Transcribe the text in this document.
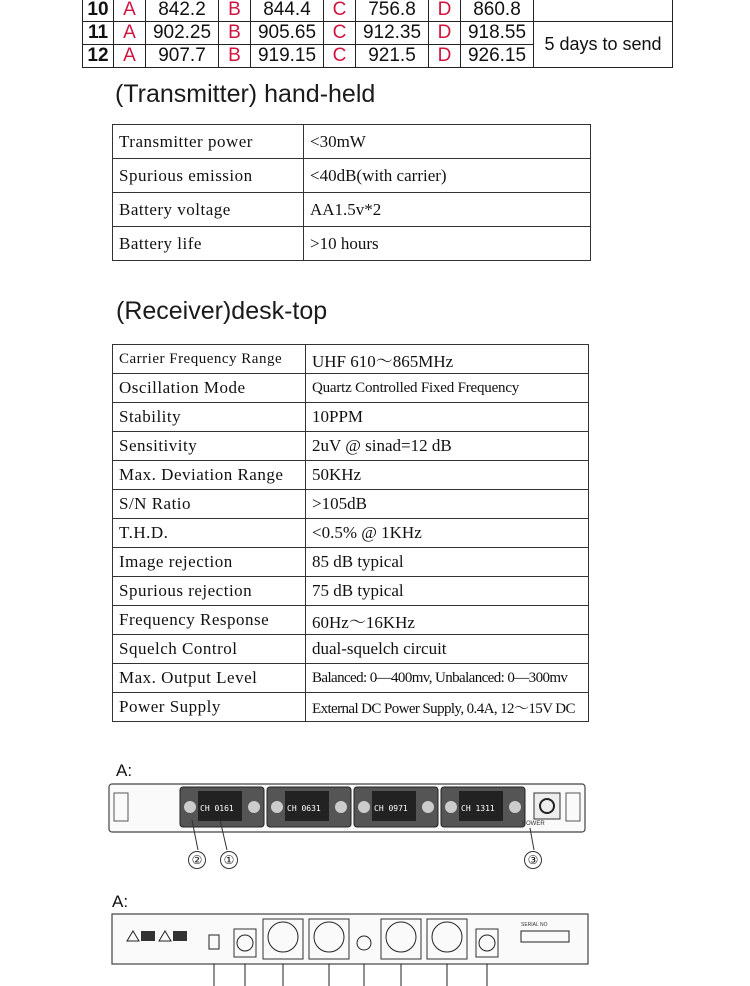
10	A	842.2	B	844.4	C	756.8	D	860.8	
11	A	902.25	B	905.65	C	912.35	D	918.55	5 days to send
12	A	907.7	B	919.15	C	921.5	D	926.15	
(Transmitter) hand-held
Transmitter power	<30mW
Spurious emission	<40dB(with carrier)
Battery voltage	AA1.5v*2
Battery life	>10 hours
(Receiver)desk-top
Carrier Frequency Range	UHF 610～865MHz
Oscillation Mode	Quartz Controlled Fixed Frequency
Stability	10PPM
Sensitivity	2uV @ sinad=12 dB
Max. Deviation Range	50KHz
S/N Ratio	>105dB
T.H.D.	<0.5% @ 1KHz
Image rejection	85 dB typical
Spurious rejection	75 dB typical
Frequency Response	60Hz～16KHz
Squelch Control	dual-squelch circuit
Max. Output Level	Balanced: 0—400mv, Unbalanced: 0—300mv
Power Supply	External DC Power Supply, 0.4A, 12～15V DC
A:
CH 0161	CH 0631	CH 0971	CH 1311
POWER
②	①	③
A:
SERIAL NO
